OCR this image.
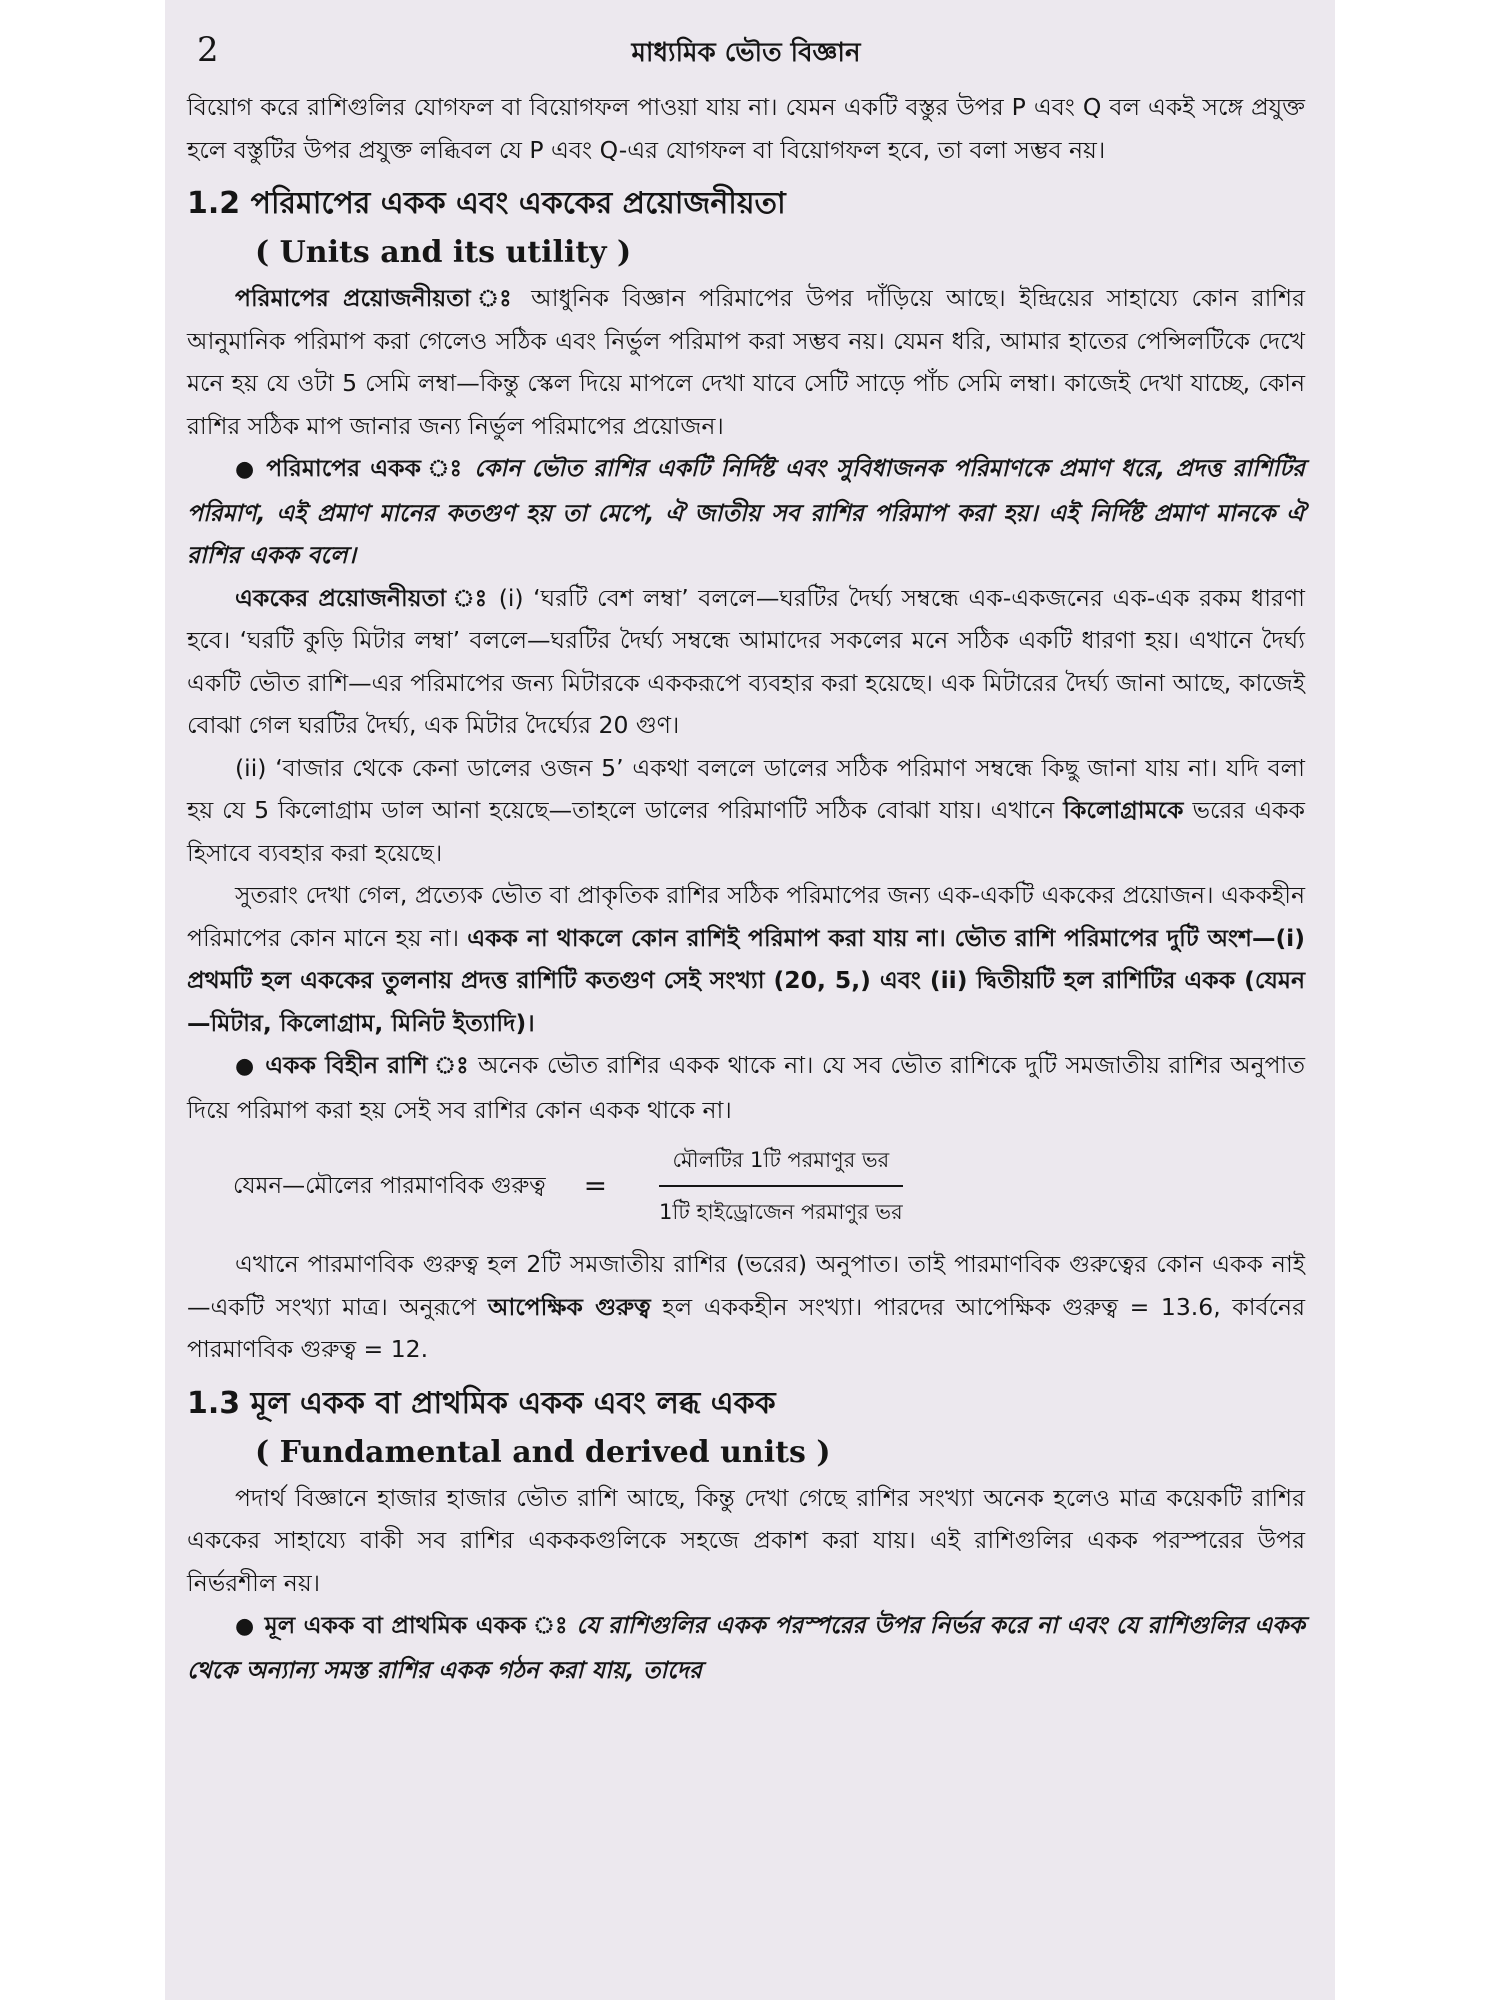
2	মাধ্যমিক ভৌত বিজ্ঞান

বিয়োগ করে রাশিগুলির যোগফল বা বিয়োগফল পাওয়া যায় না। যেমন একটি বস্তুর উপর P এবং Q বল একই সঙ্গে প্রযুক্ত হলে বস্তুটির উপর প্রযুক্ত লব্ধিবল যে P এবং Q-এর যোগফল বা বিয়োগফল হবে, তা বলা সম্ভব নয়।

1.2 পরিমাপের একক এবং এককের প্রয়োজনীয়তা
( Units and its utility )

পরিমাপের প্রয়োজনীয়তা ঃ আধুনিক বিজ্ঞান পরিমাপের উপর দাঁড়িয়ে আছে। ইন্দ্রিয়ের সাহায্যে কোন রাশির আনুমানিক পরিমাপ করা গেলেও সঠিক এবং নির্ভুল পরিমাপ করা সম্ভব নয়। যেমন ধরি, আমার হাতের পেন্সিলটিকে দেখে মনে হয় যে ওটা 5 সেমি লম্বা—কিন্তু স্কেল দিয়ে মাপলে দেখা যাবে সেটি সাড়ে পাঁচ সেমি লম্বা। কাজেই দেখা যাচ্ছে, কোন রাশির সঠিক মাপ জানার জন্য নির্ভুল পরিমাপের প্রয়োজন।

● পরিমাপের একক ঃ কোন ভৌত রাশির একটি নির্দিষ্ট এবং সুবিধাজনক পরিমাণকে প্রমাণ ধরে, প্রদত্ত রাশিটির পরিমাণ, এই প্রমাণ মানের কতগুণ হয় তা মেপে, ঐ জাতীয় সব রাশির পরিমাপ করা হয়। এই নির্দিষ্ট প্রমাণ মানকে ঐ রাশির একক বলে।

এককের প্রয়োজনীয়তা ঃ (i) ‘ঘরটি বেশ লম্বা’ বললে—ঘরটির দৈর্ঘ্য সম্বন্ধে এক-একজনের এক-এক রকম ধারণা হবে। ‘ঘরটি কুড়ি মিটার লম্বা’ বললে—ঘরটির দৈর্ঘ্য সম্বন্ধে আমাদের সকলের মনে সঠিক একটি ধারণা হয়। এখানে দৈর্ঘ্য একটি ভৌত রাশি—এর পরিমাপের জন্য মিটারকে এককরূপে ব্যবহার করা হয়েছে। এক মিটারের দৈর্ঘ্য জানা আছে, কাজেই বোঝা গেল ঘরটির দৈর্ঘ্য, এক মিটার দৈর্ঘ্যের 20 গুণ।

(ii) ‘বাজার থেকে কেনা ডালের ওজন 5’ একথা বললে ডালের সঠিক পরিমাণ সম্বন্ধে কিছু জানা যায় না। যদি বলা হয় যে 5 কিলোগ্রাম ডাল আনা হয়েছে—তাহলে ডালের পরিমাণটি সঠিক বোঝা যায়। এখানে কিলোগ্রামকে ভরের একক হিসাবে ব্যবহার করা হয়েছে।

সুতরাং দেখা গেল, প্রত্যেক ভৌত বা প্রাকৃতিক রাশির সঠিক পরিমাপের জন্য এক-একটি এককের প্রয়োজন। এককহীন পরিমাপের কোন মানে হয় না। একক না থাকলে কোন রাশিই পরিমাপ করা যায় না। ভৌত রাশি পরিমাপের দুটি অংশ—(i) প্রথমটি হল এককের তুলনায় প্রদত্ত রাশিটি কতগুণ সেই সংখ্যা (20, 5,) এবং (ii) দ্বিতীয়টি হল রাশিটির একক (যেমন—মিটার, কিলোগ্রাম, মিনিট ইত্যাদি)।

● একক বিহীন রাশি ঃ অনেক ভৌত রাশির একক থাকে না। যে সব ভৌত রাশিকে দুটি সমজাতীয় রাশির অনুপাত দিয়ে পরিমাপ করা হয় সেই সব রাশির কোন একক থাকে না।

যেমন—মৌলের পারমাণবিক গুরুত্ব = $\frac{\text{মৌলটির 1টি পরমাণুর ভর}}{\text{1টি হাইড্রোজেন পরমাণুর ভর}}$

এখানে পারমাণবিক গুরুত্ব হল 2টি সমজাতীয় রাশির (ভরের) অনুপাত। তাই পারমাণবিক গুরুত্বের কোন একক নাই—একটি সংখ্যা মাত্র। অনুরূপে আপেক্ষিক গুরুত্ব হল এককহীন সংখ্যা। পারদের আপেক্ষিক গুরুত্ব = 13.6, কার্বনের পারমাণবিক গুরুত্ব = 12.

1.3 মূল একক বা প্রাথমিক একক এবং লব্ধ একক
( Fundamental and derived units )

পদার্থ বিজ্ঞানে হাজার হাজার ভৌত রাশি আছে, কিন্তু দেখা গেছে রাশির সংখ্যা অনেক হলেও মাত্র কয়েকটি রাশির এককের সাহায্যে বাকী সব রাশির একককগুলিকে সহজে প্রকাশ করা যায়। এই রাশিগুলির একক পরস্পরের উপর নির্ভরশীল নয়।

● মূল একক বা প্রাথমিক একক ঃ যে রাশিগুলির একক পরস্পরের উপর নির্ভর করে না এবং যে রাশিগুলির একক থেকে অন্যান্য সমস্ত রাশির একক গঠন করা যায়, তাদের
